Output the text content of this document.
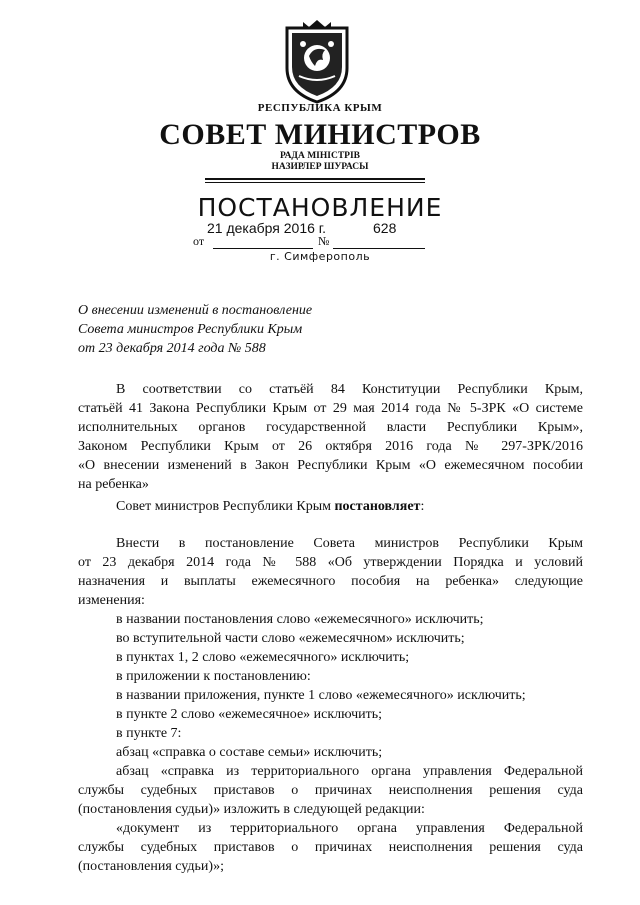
РЕСПУБЛИКА КРЫМ
СОВЕТ МИНИСТРОВ
РАДА МІНІСТРІВ
НАЗИРЛЕР ШУРАСЫ
ПОСТАНОВЛЕНИЕ
21 декабря 2016 г.	628
от	№
г. Симферополь
О внесении изменений в постановление
Совета министров Республики Крым
от 23 декабря 2014 года № 588
В соответствии со статьёй 84 Конституции Республики Крым,
статьёй 41 Закона Республики Крым от 29 мая 2014 года № 5-ЗРК «О системе
исполнительных органов государственной власти Республики Крым»,
Законом Республики Крым от 26 октября 2016 года № 297-ЗРК/2016
«О внесении изменений в Закон Республики Крым «О ежемесячном пособии
на ребенка»
Совет министров Республики Крым постановляет:
Внести в постановление Совета министров Республики Крым
от 23 декабря 2014 года № 588 «Об утверждении Порядка и условий
назначения и выплаты ежемесячного пособия на ребенка» следующие
изменения:
в названии постановления слово «ежемесячного» исключить;
во вступительной части слово «ежемесячном» исключить;
в пунктах 1, 2 слово «ежемесячного» исключить;
в приложении к постановлению:
в названии приложения, пункте 1 слово «ежемесячного» исключить;
в пункте 2 слово «ежемесячное» исключить;
в пункте 7:
абзац «справка о составе семьи» исключить;
абзац «справка из территориального органа управления Федеральной
службы судебных приставов о причинах неисполнения решения суда
(постановления судьи)» изложить в следующей редакции:
«документ из территориального органа управления Федеральной
службы судебных приставов о причинах неисполнения решения суда
(постановления судьи)»;
